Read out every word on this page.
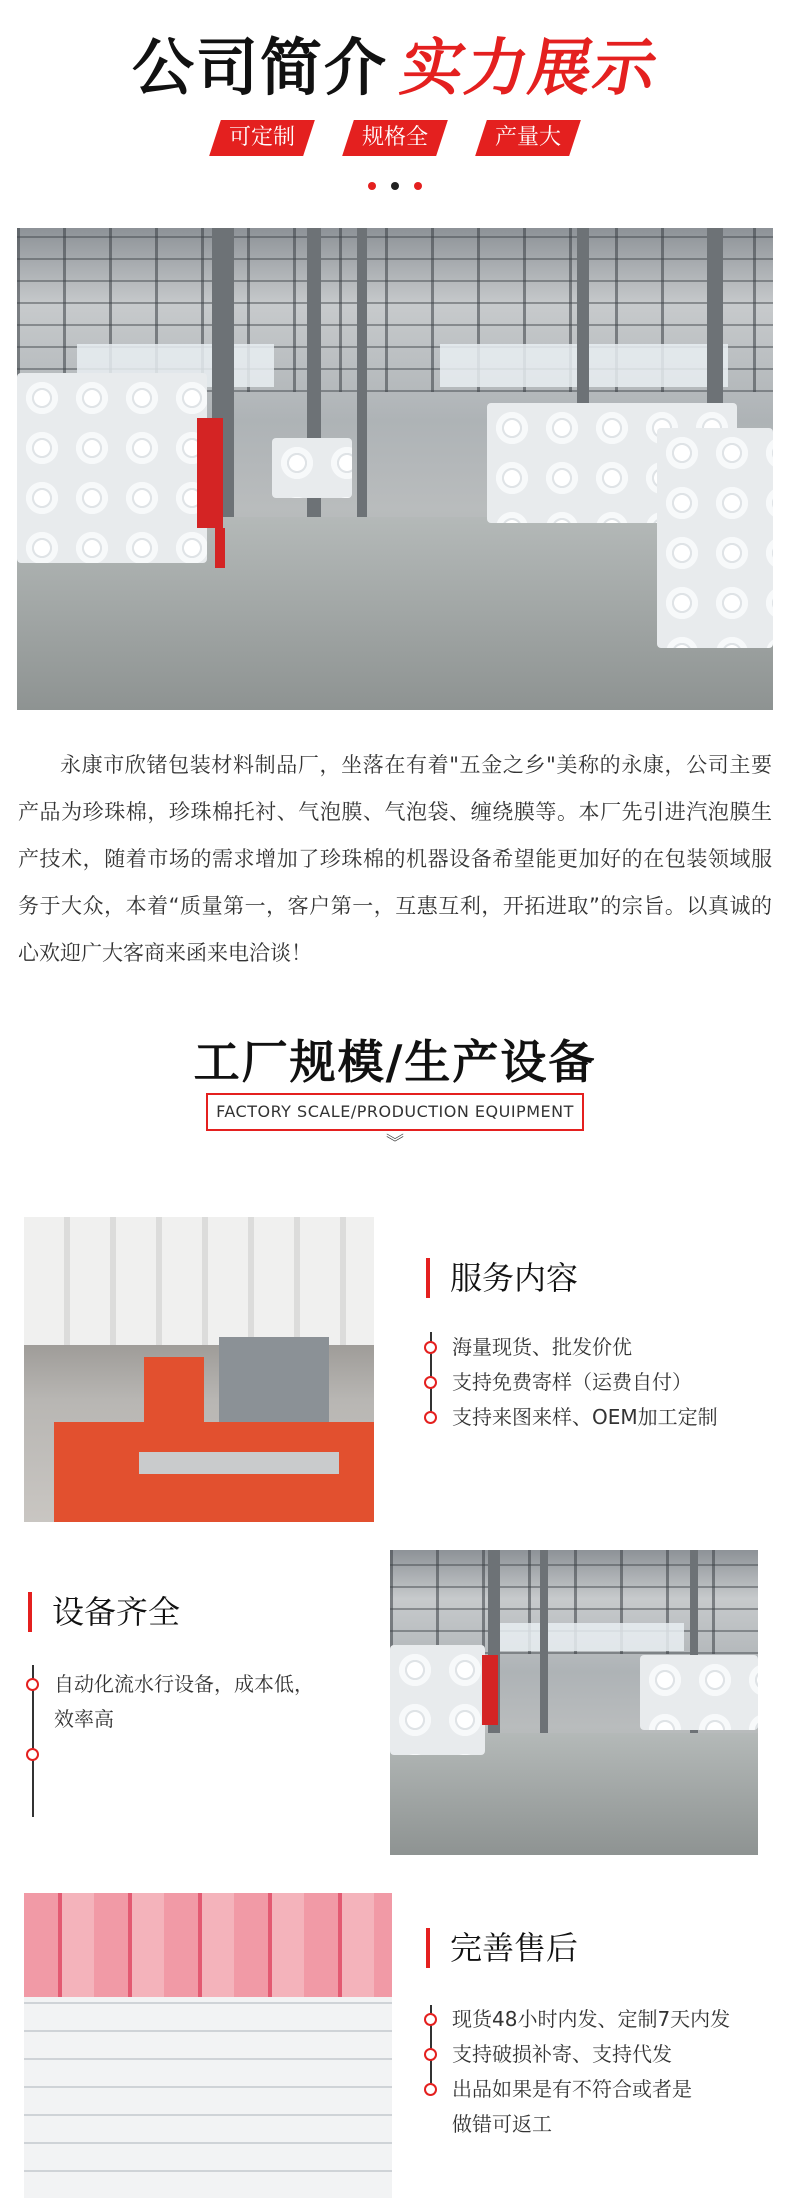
公司简介 实力展示
可定制	规格全	产量大
永康市欣锗包装材料制品厂，坐落在有着"五金之乡"美称的永康，公司主要产品为珍珠棉，珍珠棉托衬、气泡膜、气泡袋、缠绕膜等。本厂先引进汽泡膜生产技术，随着市场的需求增加了珍珠棉的机器设备希望能更加好的在包装领域服务于大众，本着“质量第一，客户第一，互惠互利，开拓进取”的宗旨。以真诚的心欢迎广大客商来函来电洽谈！
工厂规模/生产设备
FACTORY SCALE/PRODUCTION EQUIPMENT
︾
服务内容
海量现货、批发价优
支持免费寄样（运费自付）
支持来图来样、OEM加工定制
设备齐全
自动化流水行设备，成本低，效率高
完善售后
现货48小时内发、定制7天内发
支持破损补寄、支持代发
出品如果是有不符合或者是做错可返工
